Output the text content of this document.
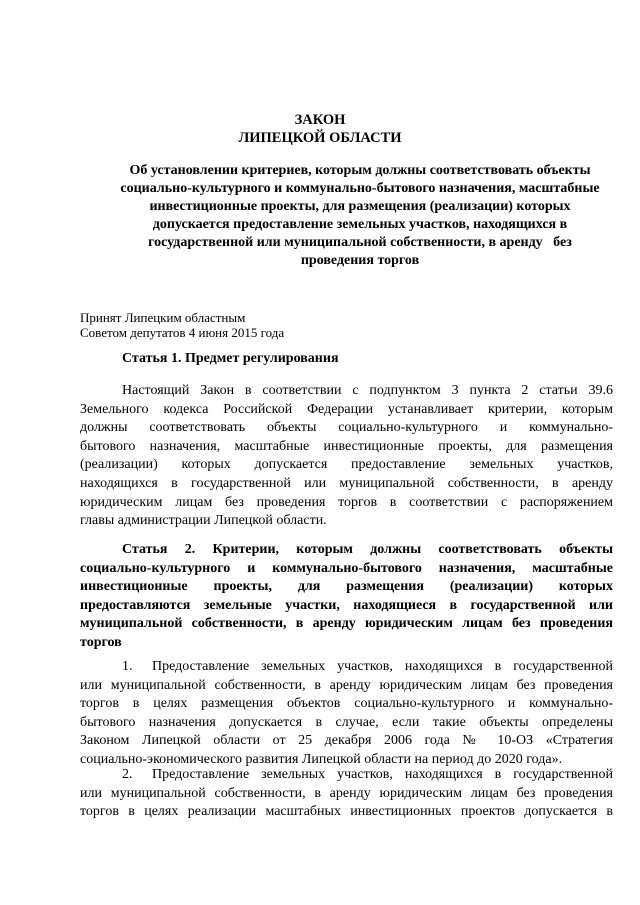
ЗАКОН
ЛИПЕЦКОЙ ОБЛАСТИ
Об установлении критериев, которым должны соответствовать объекты
социально-культурного и коммунально-бытового назначения, масштабные
инвестиционные проекты, для размещения (реализации) которых
допускается предоставление земельных участков, находящихся в
государственной или муниципальной собственности, в аренду   без
проведения торгов
Принят Липецким областным
Советом депутатов 4 июня 2015 года
Статья 1. Предмет регулирования
Настоящий Закон в соответствии с подпунктом 3 пункта 2 статьи 39.6
Земельного кодекса Российской Федерации устанавливает критерии, которым
должны соответствовать объекты социально-культурного и коммунально-
бытового назначения, масштабные инвестиционные проекты, для размещения
(реализации) которых допускается предоставление земельных участков,
находящихся в государственной или муниципальной собственности, в аренду
юридическим лицам без проведения торгов в соответствии с распоряжением
главы администрации Липецкой области.
Статья 2. Критерии, которым должны соответствовать объекты
социально-культурного и коммунально-бытового назначения, масштабные
инвестиционные проекты, для размещения (реализации) которых
предоставляются земельные участки, находящиеся в государственной или
муниципальной собственности, в аренду юридическим лицам без проведения
торгов
1. Предоставление земельных участков, находящихся в государственной
или муниципальной собственности, в аренду юридическим лицам без проведения
торгов в целях размещения объектов социально-культурного и коммунально-
бытового назначения допускается в случае, если такие объекты определены
Законом Липецкой области от 25 декабря 2006 года № 10-ОЗ «Стратегия
социально-экономического развития Липецкой области на период до 2020 года».
2. Предоставление земельных участков, находящихся в государственной
или муниципальной собственности, в аренду юридическим лицам без проведения
торгов в целях реализации масштабных инвестиционных проектов допускается в
